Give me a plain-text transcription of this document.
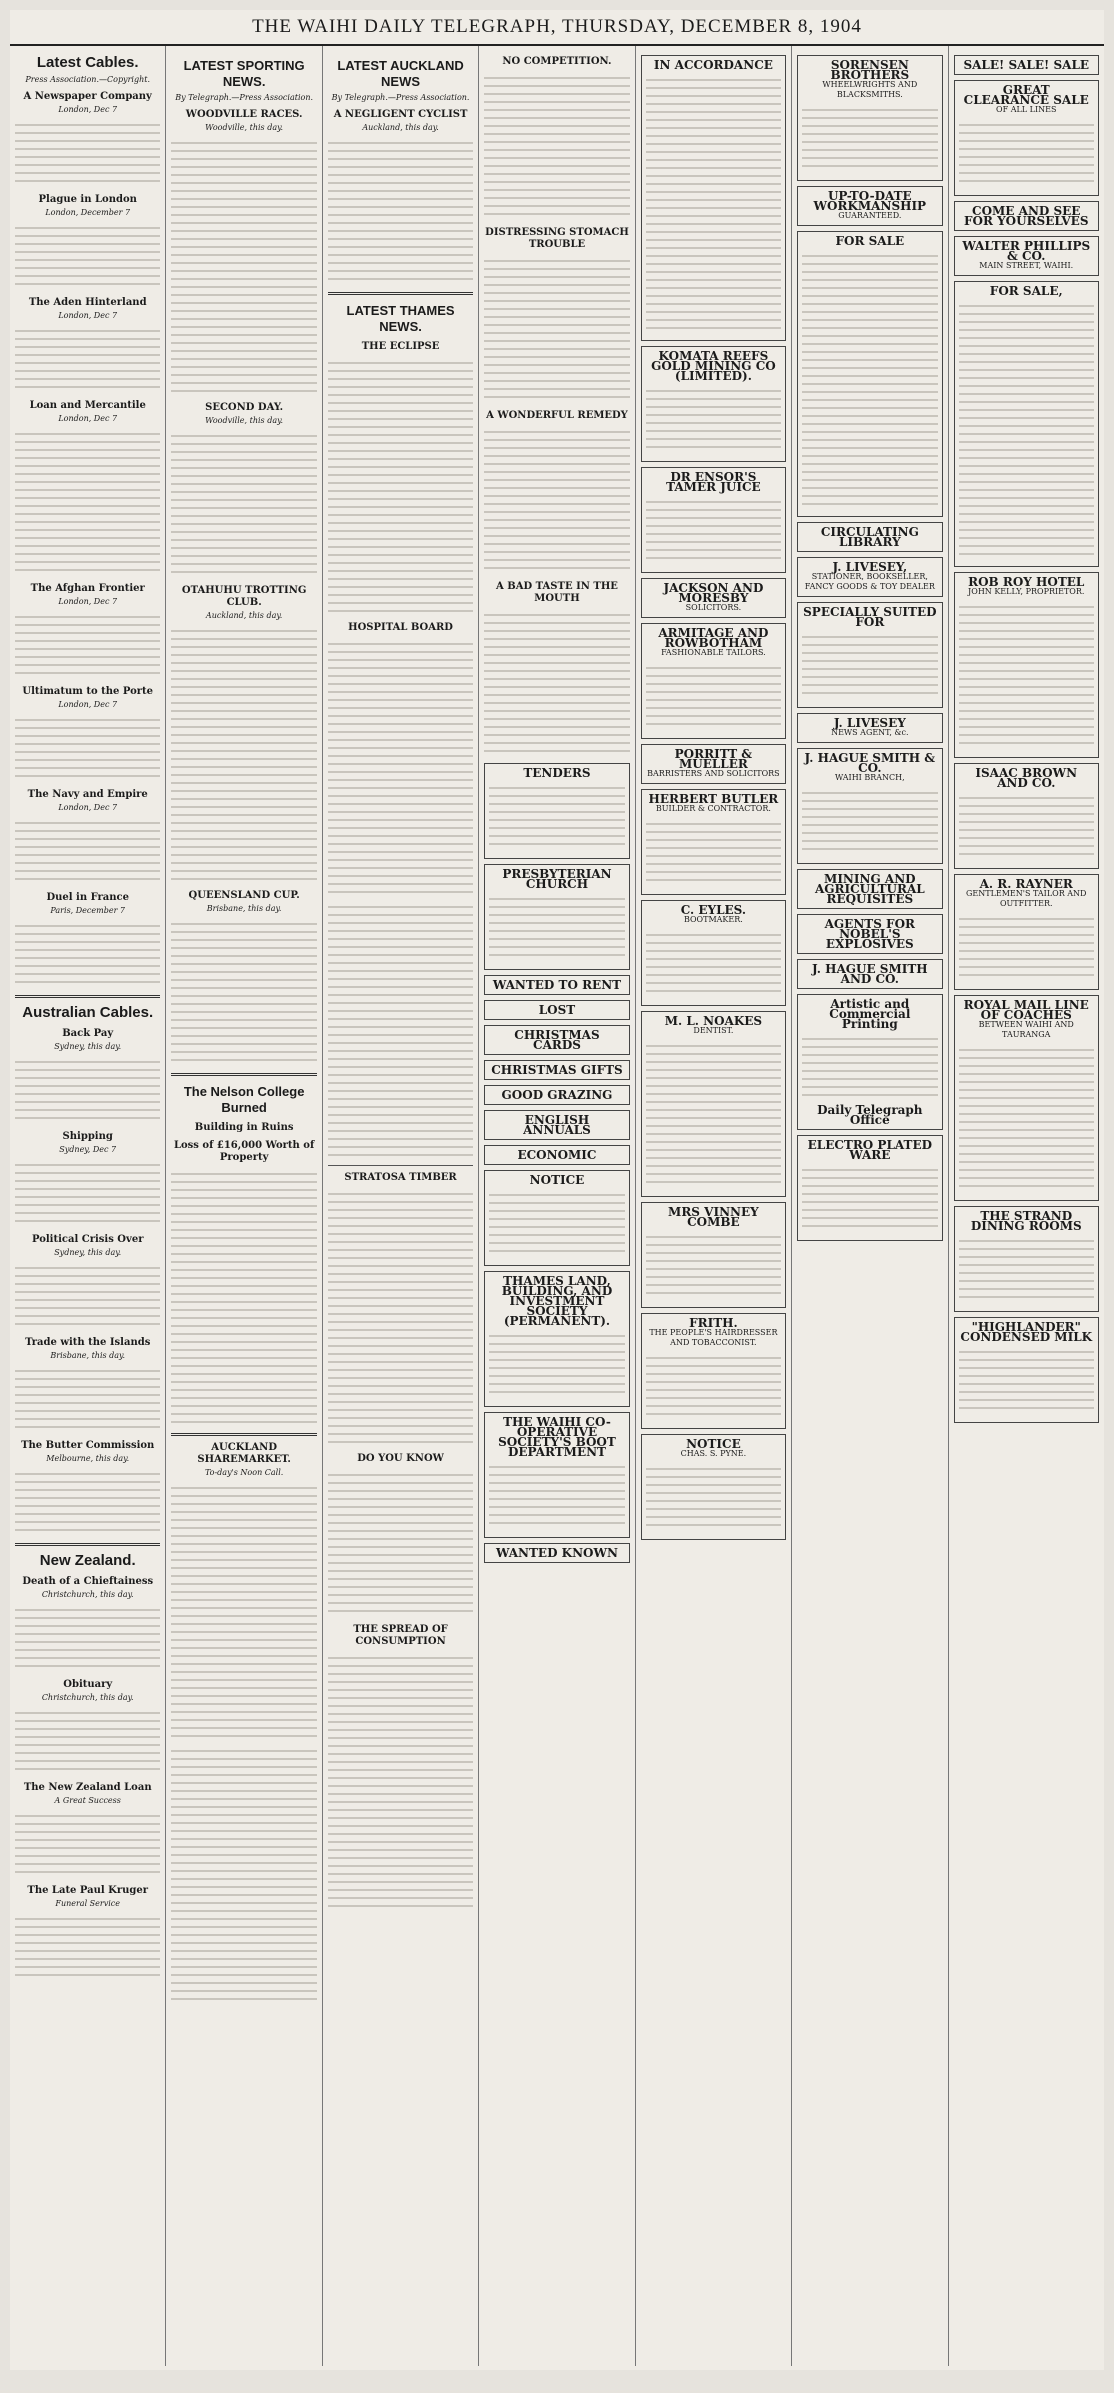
THE WAIHI DAILY TELEGRAPH, THURSDAY, DECEMBER 8, 1904
Latest Cables.
Press Association.—Copyright.
A Newspaper Company
London, Dec 7
Plague in London
London, December 7
The Aden Hinterland
London, Dec 7
Loan and Mercantile
London, Dec 7
The Afghan Frontier
London, Dec 7
Ultimatum to the Porte
London, Dec 7
The Navy and Empire
London, Dec 7
Duel in France
Paris, December 7
Australian Cables.
Back Pay
Sydney, this day.
Shipping
Sydney, Dec 7
Political Crisis Over
Sydney, this day.
Trade with the Islands
Brisbane, this day.
The Butter Commission
Melbourne, this day.
New Zealand.
Death of a Chieftainess
Christchurch, this day.
Obituary
Christchurch, this day.
The New Zealand Loan
A Great Success
The Late Paul Kruger
Funeral Service
LATEST SPORTING NEWS.
By Telegraph.—Press Association.
WOODVILLE RACES.
Woodville, this day.
SECOND DAY.
Woodville, this day.
OTAHUHU TROTTING CLUB.
Auckland, this day.
QUEENSLAND CUP.
Brisbane, this day.
The Nelson College Burned
Building in Ruins
Loss of £16,000 Worth of Property
AUCKLAND SHAREMARKET.
To-day's Noon Call.
LATEST AUCKLAND NEWS
By Telegraph.—Press Association.
A NEGLIGENT CYCLIST
Auckland, this day.
LATEST THAMES NEWS.
THE ECLIPSE
HOSPITAL BOARD
STRATOSA TIMBER
DO YOU KNOW
THE SPREAD OF CONSUMPTION
NO COMPETITION.
DISTRESSING STOMACH TROUBLE
A WONDERFUL REMEDY
A BAD TASTE IN THE MOUTH
TENDERS
PRESBYTERIAN CHURCH
WANTED TO RENT
LOST
CHRISTMAS CARDS
CHRISTMAS GIFTS
GOOD GRAZING
ENGLISH ANNUALS
ECONOMIC
NOTICE
THAMES LAND, BUILDING, AND INVESTMENT SOCIETY (PERMANENT).
THE WAIHI CO-OPERATIVE SOCIETY'S BOOT DEPARTMENT
WANTED KNOWN
IN ACCORDANCE
KOMATA REEFS GOLD MINING CO (LIMITED).
DR ENSOR'S TAMER JUICE
JACKSON AND MORESBY
SOLICITORS.
ARMITAGE AND ROWBOTHAM
FASHIONABLE TAILORS.
PORRITT & MUELLER
BARRISTERS AND SOLICITORS
HERBERT BUTLER
BUILDER & CONTRACTOR.
C. EYLES.
BOOTMAKER.
M. L. NOAKES
DENTIST.
MRS VINNEY COMBE
FRITH.
THE PEOPLE'S HAIRDRESSER AND TOBACCONIST.
NOTICE
CHAS. S. PYNE.
SORENSEN BROTHERS
WHEELWRIGHTS AND BLACKSMITHS.
UP-TO-DATE WORKMANSHIP
GUARANTEED.
FOR SALE
CIRCULATING LIBRARY
J. LIVESEY,
STATIONER, BOOKSELLER, FANCY GOODS & TOY DEALER
SPECIALLY SUITED FOR
J. LIVESEY
NEWS AGENT, &c.
J. HAGUE SMITH & CO.
WAIHI BRANCH,
MINING AND AGRICULTURAL REQUISITES
AGENTS FOR NOBEL'S EXPLOSIVES
J. HAGUE SMITH AND CO.
Artistic and Commercial Printing
Daily Telegraph Office
ELECTRO PLATED WARE
SALE! SALE! SALE
GREAT CLEARANCE SALE
OF ALL LINES
COME AND SEE FOR YOURSELVES
WALTER PHILLIPS & CO.
MAIN STREET, WAIHI.
FOR SALE,
ROB ROY HOTEL
JOHN KELLY, PROPRIETOR.
ISAAC BROWN AND CO.
A. R. RAYNER
GENTLEMEN'S TAILOR AND OUTFITTER.
ROYAL MAIL LINE OF COACHES
BETWEEN WAIHI AND TAURANGA
THE STRAND DINING ROOMS
"HIGHLANDER" CONDENSED MILK
